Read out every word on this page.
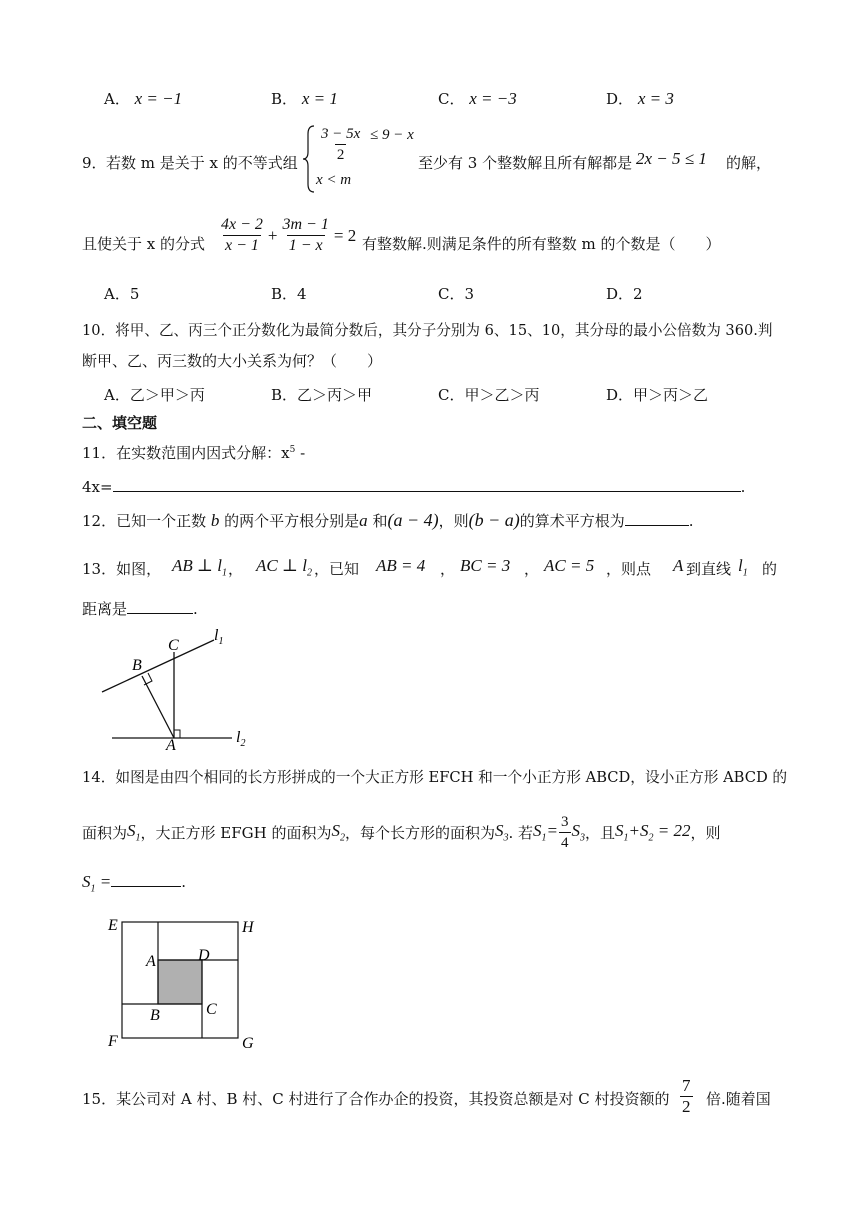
A． x = −1	B． x = 1	C． x = −3	D． x = 3
9． 若数 m 是关于 x 的不等式组 $\frac{3 - 5x}{2} \le 9 - x$
x < m
至少有 3 个整数解且所有解都是 2x − 5 ≤ 1 的解，
且使关于 x 的分式 $\frac{4x - 2}{x - 1} + \frac{3m - 1}{1 - x} = 2$ 有整数解.则满足条件的所有整数 m 的个数是（　　）
A．5	B．4	C．3	D．2
10．将甲、乙、丙三个正分数化为最简分数后，其分子分别为 6、15、10，其分母的最小公倍数为 360.判
断甲、乙、丙三数的大小关系为何？（　　）
A．乙＞甲＞丙	B．乙＞丙＞甲	C．甲＞乙＞丙	D．甲＞丙＞乙
二、填空题
11．在实数范围内因式分解：$x^5$ -
4x=	.
12．已知一个正数 b 的两个平方根分别是a 和(a − 4)，则(b − a)的算术平方根为	.
13．如图， AB ⊥ $l_1$ ， AC ⊥ $l_2$ ，已知 AB = 4 ， BC = 3 ， AC = 5 ，则点 A 到直线 $l_1$ 的
距离是	.
B
C
A
$l_1$
$l_2$
14．如图是由四个相同的长方形拼成的一个大正方形 EFCH 和一个小正方形 ABCD，设小正方形 ABCD 的
面积为 $S_1$ ，大正方形 EFGH 的面积为 $S_2$ ，每个长方形的面积为 $S_3$ . 若 $S_1= \frac{3}{4} S_3$ ，且 $S_1+S_2 = 22$ ，则
$S_1$ =	.
E	H
A	D
B	C
F	G
15．某公司对 A 村、B 村、C 村进行了合作办企的投资，其投资总额是对 C 村投资额的 $\frac{7}{2}$ 倍.随着国
